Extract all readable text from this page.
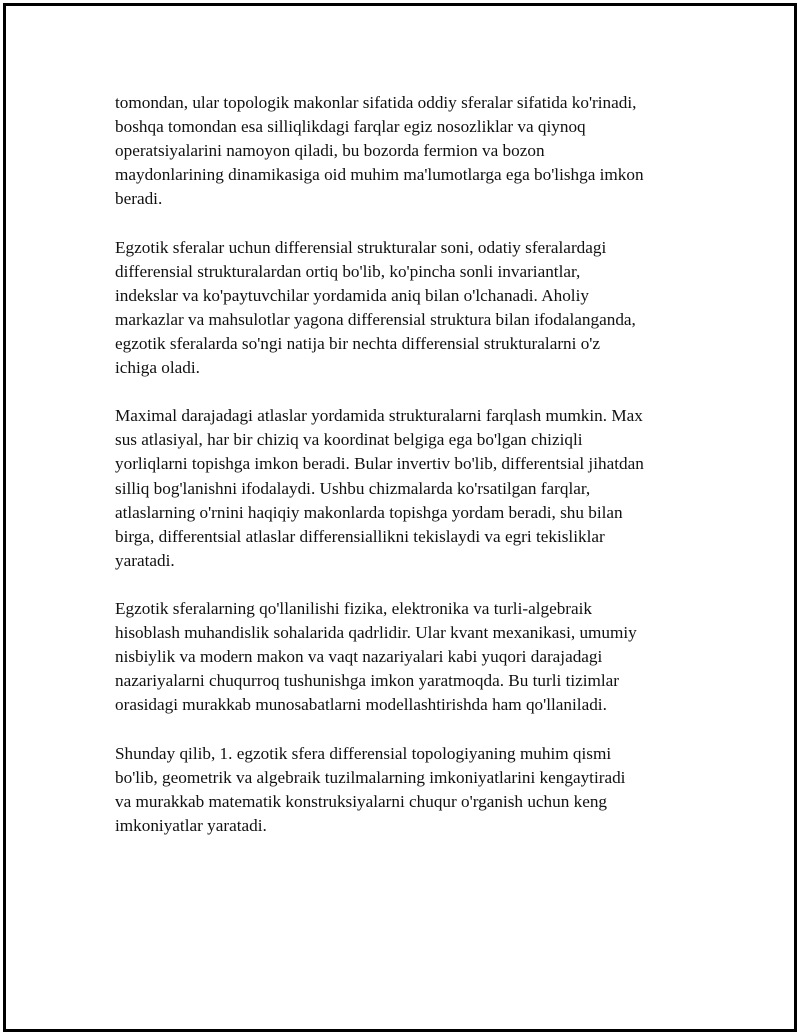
tomondan, ular topologik makonlar sifatida oddiy sferalar sifatida ko'rinadi,
boshqa tomondan esa silliqlikdagi farqlar egiz nosozliklar va qiynoq
operatsiyalarini namoyon qiladi, bu bozorda fermion va bozon
maydonlarining dinamikasiga oid muhim ma'lumotlarga ega bo'lishga imkon
beradi.

Egzotik sferalar uchun differensial strukturalar soni, odatiy sferalardagi
differensial strukturalardan ortiq bo'lib, ko'pincha sonli invariantlar,
indekslar va ko'paytuvchilar yordamida aniq bilan o'lchanadi. Aholiy
markazlar va mahsulotlar yagona differensial struktura bilan ifodalanganda,
egzotik sferalarda so'ngi natija bir nechta differensial strukturalarni o'z
ichiga oladi.

Maximal darajadagi atlaslar yordamida strukturalarni farqlash mumkin. Max
sus atlasiyal, har bir chiziq va koordinat belgiga ega bo'lgan chiziqli
yorliqlarni topishga imkon beradi. Bular invertiv bo'lib, differentsial jihatdan
silliq bog'lanishni ifodalaydi. Ushbu chizmalarda ko'rsatilgan farqlar,
atlaslarning o'rnini haqiqiy makonlarda topishga yordam beradi, shu bilan
birga, differentsial atlaslar differensiallikni tekislaydi va egri tekisliklar
yaratadi.

Egzotik sferalarning qo'llanilishi fizika, elektronika va turli-algebraik
hisoblash muhandislik sohalarida qadrlidir. Ular kvant mexanikasi, umumiy
nisbiylik va modern makon va vaqt nazariyalari kabi yuqori darajadagi
nazariyalarni chuqurroq tushunishga imkon yaratmoqda. Bu turli tizimlar
orasidagi murakkab munosabatlarni modellashtirishda ham qo'llaniladi.

Shunday qilib, 1. egzotik sfera differensial topologiyaning muhim qismi
bo'lib, geometrik va algebraik tuzilmalarning imkoniyatlarini kengaytiradi
va murakkab matematik konstruksiyalarni chuqur o'rganish uchun keng
imkoniyatlar yaratadi.
